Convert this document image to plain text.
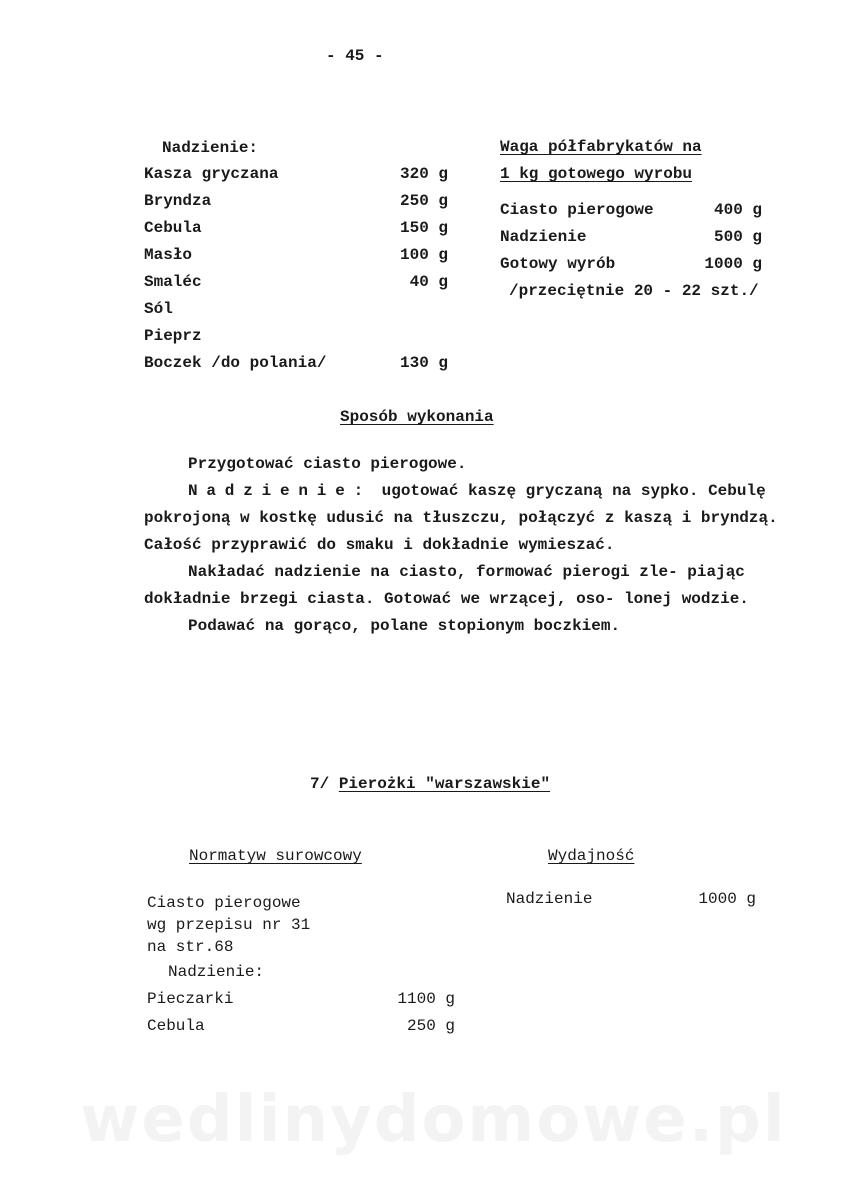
- 45 -
Nadzienie:
Kasza gryczana	320 g
Bryndza	250 g
Cebula	150 g
Masło	100 g
Smaléc	40 g
Sól
Pieprz
Boczek /do polania/	130 g
Waga półfabrykatów na
1 kg gotowego wyrobu
Ciasto pierogowe	400 g
Nadzienie	500 g
Gotowy wyrób	1000 g
/przeciętnie 20 - 22 szt./
Sposób wykonania

Przygotować ciasto pierogowe.

Nadzienie: ugotować kaszę gryczaną na sypko. Cebulę pokrojoną w kostkę udusić na tłuszczu, połączyć z kaszą i bryndzą. Całość przyprawić do smaku i dokładnie wymieszać.

Nakładać nadzienie na ciasto, formować pierogi zle- piając dokładnie brzegi ciasta. Gotować we wrzącej, oso- lonej wodzie.

Podawać na gorąco, polane stopionym boczkiem.

7/ Pierożki "warszawskie"
Normatyw surowcowy	Wydajność
Ciasto pierogowe
wg przepisu nr 31
na str.68
Nadzienie	1000 g
Nadzienie:
Pieczarki	1100 g
Cebula	250 g
wedlinydomowe.pl
